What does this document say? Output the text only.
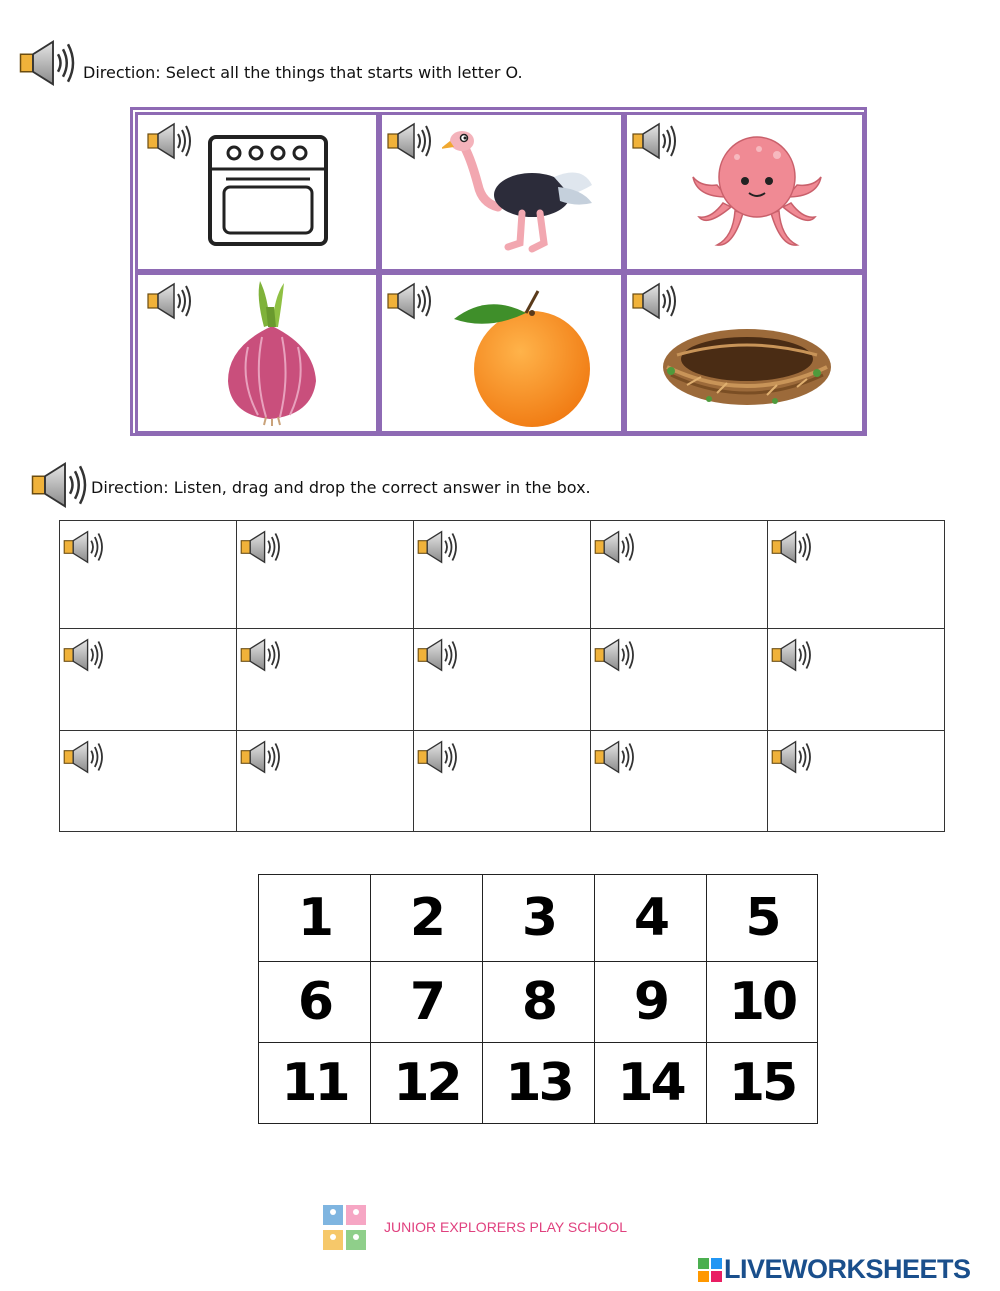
Direction: Select all the things that starts with letter O.
Direction: Listen, drag and drop the correct answer in the box.
1	2	3	4	5
6	7	8	9	10
11 12 13 14 15
JUNIOR EXPLORERS PLAY SCHOOL
LIVEWORKSHEETS
